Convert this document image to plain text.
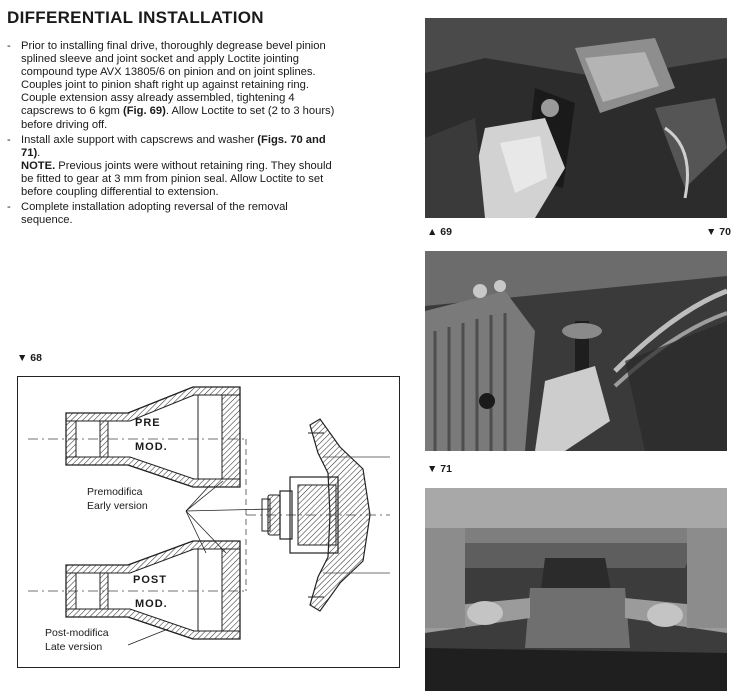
DIFFERENTIAL INSTALLATION
- Prior to installing final drive, thoroughly degrease bevel pinion splined sleeve and joint socket and apply Loctite jointing compound type AVX 13805/6 on pinion and on joint splines. Couples joint to pinion shaft right up against retaining ring. Couple extension assy already assembled, tightening 4 capscrews to 6 kgm (Fig. 69). Allow Loctite to set (2 to 3 hours) before driving off.
- Install axle support with capscrews and washer (Figs. 70 and 71).
NOTE. Previous joints were without retaining ring. They should be fitted to gear at 3 mm from pinion seal. Allow Loctite to set before coupling differential to extension.
- Complete installation adopting reversal of the removal sequence.

▼ 68

PRE
MOD.
POST
MOD.
Premodifica
Early version
Post-modifica
Late version

▲ 69	▼ 70

▼ 71
